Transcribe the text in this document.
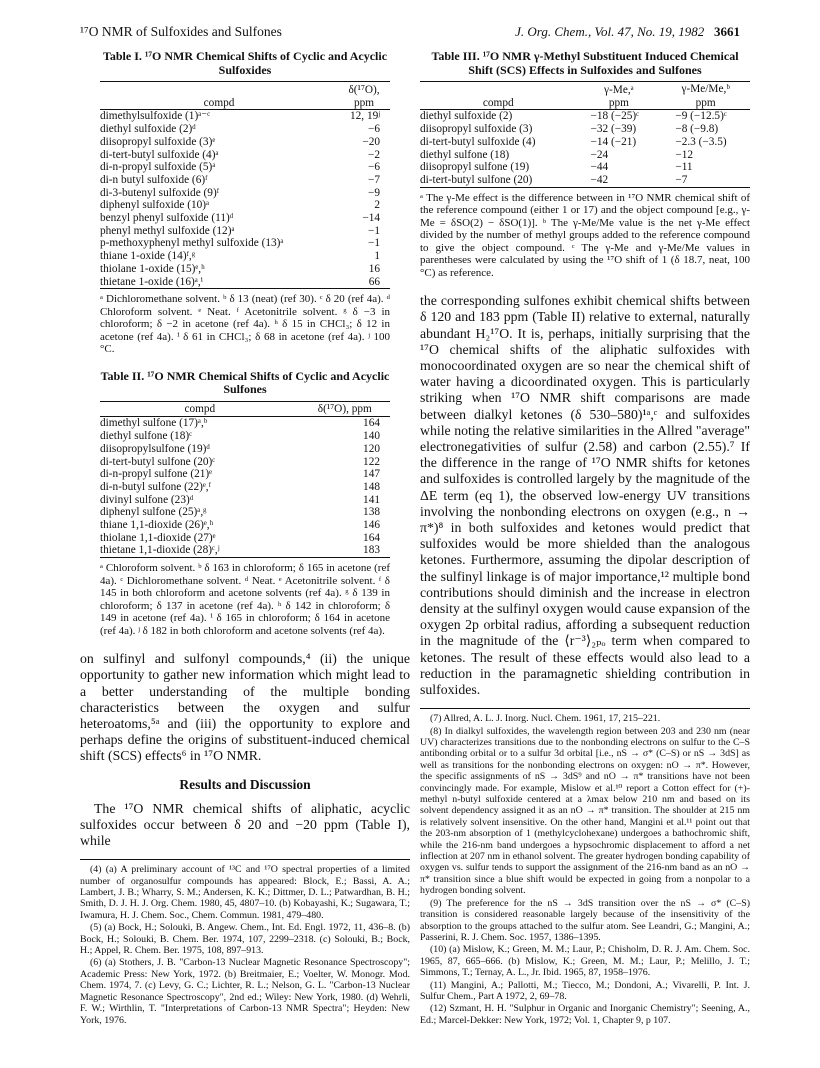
¹⁷O NMR of Sulfoxides and Sulfones	J. Org. Chem., Vol. 47, No. 19, 1982 3661
Table I. ¹⁷O NMR Chemical Shifts of Cyclic and Acyclic Sulfoxides
	δ(¹⁷O),
compd	ppm
dimethylsulfoxide (1)ᵃ⁻ᶜ	12, 19ʲ
diethyl sulfoxide (2)ᵈ	−6
diisopropyl sulfoxide (3)ᵉ	−20
di-tert-butyl sulfoxide (4)ᵃ	−2
di-n-propyl sulfoxide (5)ᵃ	−6
di-n butyl sulfoxide (6)ᶠ	−7
di-3-butenyl sulfoxide (9)ᶠ	−9
diphenyl sulfoxide (10)ᵃ	2
benzyl phenyl sulfoxide (11)ᵈ	−14
phenyl methyl sulfoxide (12)ᵃ	−1
p-methoxyphenyl methyl sulfoxide (13)ᵃ	−1
thiane 1-oxide (14)ᶠ,ᵍ	1
thiolane 1-oxide (15)ᵉ,ʰ	16
thietane 1-oxide (16)ᵃ,ⁱ	66
ᵃ Dichloromethane solvent. ᵇ δ 13 (neat) (ref 30). ᶜ δ 20 (ref 4a). ᵈ Chloroform solvent. ᵉ Neat. ᶠ Acetonitrile solvent. ᵍ δ −3 in chloroform; δ −2 in acetone (ref 4a). ʰ δ 15 in CHCl₃; δ 12 in acetone (ref 4a). ⁱ δ 61 in CHCl₃; δ 68 in acetone (ref 4a). ʲ 100 °C.
Table II. ¹⁷O NMR Chemical Shifts of Cyclic and Acyclic Sulfones
compd	δ(¹⁷O), ppm
dimethyl sulfone (17)ᵃ,ᵇ	164
diethyl sulfone (18)ᶜ	140
diisopropylsulfone (19)ᵈ	120
di-tert-butyl sulfone (20)ᶜ	122
di-n-propyl sulfone (21)ᵉ	147
di-n-butyl sulfone (22)ᵉ,ᶠ	148
divinyl sulfone (23)ᵈ	141
diphenyl sulfone (25)ᵃ,ᵍ	138
thiane 1,1-dioxide (26)ᵉ,ʰ	146
thiolane 1,1-dioxide (27)ᵉ	164
thietane 1,1-dioxide (28)ᶜ,ʲ	183
ᵃ Chloroform solvent. ᵇ δ 163 in chloroform; δ 165 in acetone (ref 4a). ᶜ Dichloromethane solvent. ᵈ Neat. ᵉ Acetonitrile solvent. ᶠ δ 145 in both chloroform and acetone solvents (ref 4a). ᵍ δ 139 in chloroform; δ 137 in acetone (ref 4a). ʰ δ 142 in chloroform; δ 149 in acetone (ref 4a). ⁱ δ 165 in chloroform; δ 164 in acetone (ref 4a). ʲ δ 182 in both chloroform and acetone solvents (ref 4a).

on sulfinyl and sulfonyl compounds,⁴ (ii) the unique opportunity to gather new information which might lead to a better understanding of the multiple bonding characteristics between the oxygen and sulfur heteroatoms,⁵ᵃ and (iii) the opportunity to explore and perhaps define the origins of substituent-induced chemical shift (SCS) effects⁶ in ¹⁷O NMR.

Results and Discussion

The ¹⁷O NMR chemical shifts of aliphatic, acyclic sulfoxides occur between δ 20 and −20 ppm (Table I), while

(4) (a) A preliminary account of ¹³C and ¹⁷O spectral properties of a limited number of organosulfur compounds has appeared: Block, E.; Bassi, A. A.; Lambert, J. B.; Wharry, S. M.; Andersen, K. K.; Dittmer, D. L.; Patwardhan, B. H.; Smith, D. J. H. J. Org. Chem. 1980, 45, 4807–10. (b) Kobayashi, K.; Sugawara, T.; Iwamura, H. J. Chem. Soc., Chem. Commun. 1981, 479–480.

(5) (a) Bock, H.; Solouki, B. Angew. Chem., Int. Ed. Engl. 1972, 11, 436–8. (b) Bock, H.; Solouki, B. Chem. Ber. 1974, 107, 2299–2318. (c) Solouki, B.; Bock, H.; Appel, R. Chem. Ber. 1975, 108, 897–913.

(6) (a) Stothers, J. B. "Carbon-13 Nuclear Magnetic Resonance Spectroscopy"; Academic Press: New York, 1972. (b) Breitmaier, E.; Voelter, W. Monogr. Mod. Chem. 1974, 7. (c) Levy, G. C.; Lichter, R. L.; Nelson, G. L. "Carbon-13 Nuclear Magnetic Resonance Spectroscopy", 2nd ed.; Wiley: New York, 1980. (d) Wehrli, F. W.; Wirthlin, T. "Interpretations of Carbon-13 NMR Spectra"; Heyden: New York, 1976.

Table III. ¹⁷O NMR γ-Methyl Substituent Induced Chemical Shift (SCS) Effects in Sulfoxides and Sulfones
	γ-Me,ᵃ	γ-Me/Me,ᵇ
compd	ppm	ppm
diethyl sulfoxide (2)	−18 (−25)ᶜ	−9 (−12.5)ᶜ
diisopropyl sulfoxide (3)	−32 (−39)	−8 (−9.8)
di-tert-butyl sulfoxide (4)	−14 (−21)	−2.3 (−3.5)
diethyl sulfone (18)	−24	−12
diisopropyl sulfone (19)	−44	−11
di-tert-butyl sulfone (20)	−42	−7
ᵃ The γ-Me effect is the difference between in ¹⁷O NMR chemical shift of the reference compound (either 1 or 17) and the object compound [e.g., γ-Me = δSO(2) − δSO(1)]. ᵇ The γ-Me/Me value is the net γ-Me effect divided by the number of methyl groups added to the reference compound to give the object compound. ᶜ The γ-Me and γ-Me/Me values in parentheses were calculated by using the ¹⁷O shift of 1 (δ 18.7, neat, 100 °C) as reference.

the corresponding sulfones exhibit chemical shifts between δ 120 and 183 ppm (Table II) relative to external, naturally abundant H₂¹⁷O. It is, perhaps, initially surprising that the ¹⁷O chemical shifts of the aliphatic sulfoxides with monocoordinated oxygen are so near the chemical shift of water having a dicoordinated oxygen. This is particularly striking when ¹⁷O NMR shift comparisons are made between dialkyl ketones (δ 530–580)¹ᵃ,ᶜ and sulfoxides while noting the relative similarities in the Allred "average" electronegativities of sulfur (2.58) and carbon (2.55).⁷ If the difference in the range of ¹⁷O NMR shifts for ketones and sulfoxides is controlled largely by the magnitude of the ΔE term (eq 1), the observed low-energy UV transitions involving the nonbonding electrons on oxygen (e.g., n → π*)⁸ in both sulfoxides and ketones would predict that sulfoxides would be more shielded than the analogous ketones. Furthermore, assuming the dipolar description of the sulfinyl linkage is of major importance,¹² multiple bond contributions should diminish and the increase in electron density at the sulfinyl oxygen would cause expansion of the oxygen 2p orbital radius, affording a subsequent reduction in the magnitude of the ⟨r⁻³⟩₂ₚₒ term when compared to ketones. The result of these effects would also lead to a reduction in the paramagnetic shielding contribution in sulfoxides.

(7) Allred, A. L. J. Inorg. Nucl. Chem. 1961, 17, 215–221.

(8) In dialkyl sulfoxides, the wavelength region between 203 and 230 nm (near UV) characterizes transitions due to the nonbonding electrons on sulfur to the C–S antibonding orbital or to a sulfur 3d orbital [i.e., nS → σ* (C–S) or nS → 3dS] as well as transitions for the nonbonding electrons on oxygen: nO → π*. However, the specific assignments of nS → 3dS⁹ and nO → π* transitions have not been convincingly made. For example, Mislow et al.¹⁰ report a Cotton effect for (+)-methyl n-butyl sulfoxide centered at a λmax below 210 nm and based on its solvent dependency assigned it as an nO → π* transition. The shoulder at 215 nm is relatively solvent insensitive. On the other hand, Mangini et al.¹¹ point out that the 203-nm absorption of 1 (methylcyclohexane) undergoes a bathochromic shift, while the 216-nm band undergoes a hypsochromic displacement to afford a net inflection at 207 nm in ethanol solvent. The greater hydrogen bonding capability of oxygen vs. sulfur tends to support the assignment of the 216-nm band as an nO → π* transition since a blue shift would be expected in going from a nonpolar to a hydrogen bonding solvent.

(9) The preference for the nS → 3dS transition over the nS → σ* (C–S) transition is considered reasonable largely because of the insensitivity of the absorption to the groups attached to the sulfur atom. See Leandri, G.; Mangini, A.; Passerini, R. J. Chem. Soc. 1957, 1386–1395.

(10) (a) Mislow, K.; Green, M. M.; Laur, P.; Chisholm, D. R. J. Am. Chem. Soc. 1965, 87, 665–666. (b) Mislow, K.; Green, M. M.; Laur, P.; Melillo, J. T.; Simmons, T.; Ternay, A. L., Jr. Ibid. 1965, 87, 1958–1976.

(11) Mangini, A.; Pallotti, M.; Tiecco, M.; Dondoni, A.; Vivarelli, P. Int. J. Sulfur Chem., Part A 1972, 2, 69–78.

(12) Szmant, H. H. "Sulphur in Organic and Inorganic Chemistry"; Seening, A., Ed.; Marcel-Dekker: New York, 1972; Vol. 1, Chapter 9, p 107.
